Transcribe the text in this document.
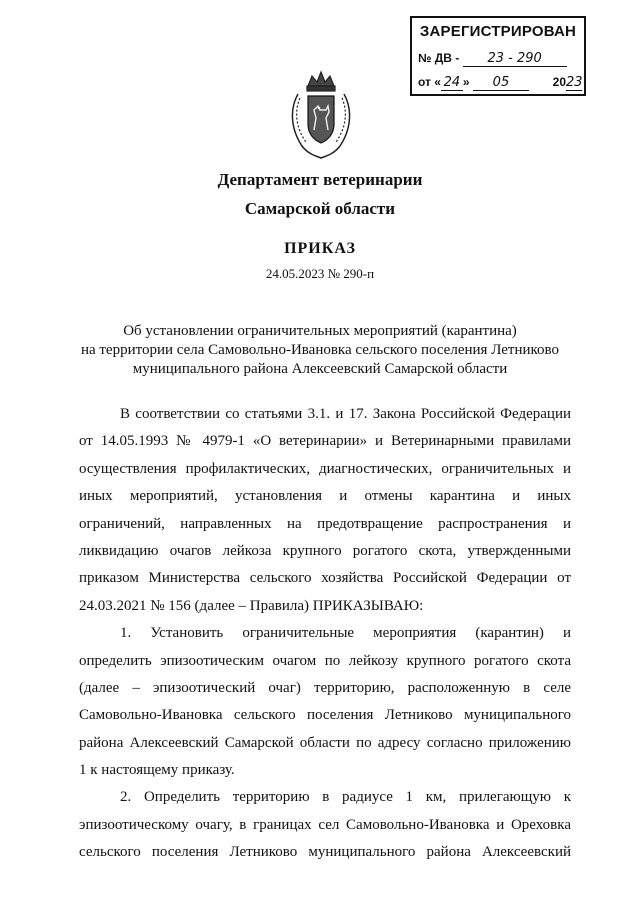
ЗАРЕГИСТРИРОВАН
№ ДВ - 23 - 290
от « 24 » 05	2023
Департамент ветеринарии
Самарской области
ПРИКАЗ
24.05.2023 № 290-п
Об установлении ограничительных мероприятий (карантина)
на территории села Самовольно-Ивановка сельского поселения Летниково
муниципального района Алексеевский Самарской области
В соответствии со статьями 3.1. и 17. Закона Российской Федерации
от 14.05.1993 № 4979-1 «О ветеринарии» и Ветеринарными правилами
осуществления профилактических, диагностических, ограничительных и
иных мероприятий, установления и отмены карантина и иных
ограничений, направленных на предотвращение распространения и
ликвидацию очагов лейкоза крупного рогатого скота, утвержденными
приказом Министерства сельского хозяйства Российской Федерации от
24.03.2021 № 156 (далее – Правила) ПРИКАЗЫВАЮ:
1. Установить ограничительные мероприятия (карантин) и
определить эпизоотическим очагом по лейкозу крупного рогатого скота
(далее – эпизоотический очаг) территорию, расположенную в селе
Самовольно-Ивановка сельского поселения Летниково муниципального
района Алексеевский Самарской области по адресу согласно приложению
1 к настоящему приказу.
2. Определить территорию в радиусе 1 км, прилегающую к
эпизоотическому очагу, в границах сел Самовольно-Ивановка и Ореховка
сельского поселения Летниково муниципального района Алексеевский
